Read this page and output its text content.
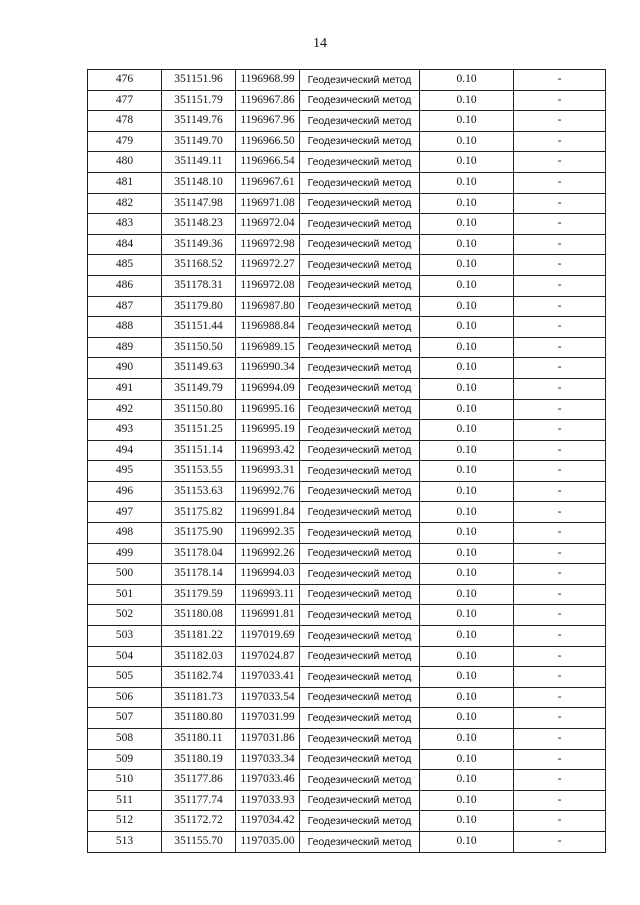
14
476	351151.96	1196968.99	Геодезический метод	0.10	-
477	351151.79	1196967.86	Геодезический метод	0.10	-
478	351149.76	1196967.96	Геодезический метод	0.10	-
479	351149.70	1196966.50	Геодезический метод	0.10	-
480	351149.11	1196966.54	Геодезический метод	0.10	-
481	351148.10	1196967.61	Геодезический метод	0.10	-
482	351147.98	1196971.08	Геодезический метод	0.10	-
483	351148.23	1196972.04	Геодезический метод	0.10	-
484	351149.36	1196972.98	Геодезический метод	0.10	-
485	351168.52	1196972.27	Геодезический метод	0.10	-
486	351178.31	1196972.08	Геодезический метод	0.10	-
487	351179.80	1196987.80	Геодезический метод	0.10	-
488	351151.44	1196988.84	Геодезический метод	0.10	-
489	351150.50	1196989.15	Геодезический метод	0.10	-
490	351149.63	1196990.34	Геодезический метод	0.10	-
491	351149.79	1196994.09	Геодезический метод	0.10	-
492	351150.80	1196995.16	Геодезический метод	0.10	-
493	351151.25	1196995.19	Геодезический метод	0.10	-
494	351151.14	1196993.42	Геодезический метод	0.10	-
495	351153.55	1196993.31	Геодезический метод	0.10	-
496	351153.63	1196992.76	Геодезический метод	0.10	-
497	351175.82	1196991.84	Геодезический метод	0.10	-
498	351175.90	1196992.35	Геодезический метод	0.10	-
499	351178.04	1196992.26	Геодезический метод	0.10	-
500	351178.14	1196994.03	Геодезический метод	0.10	-
501	351179.59	1196993.11	Геодезический метод	0.10	-
502	351180.08	1196991.81	Геодезический метод	0.10	-
503	351181.22	1197019.69	Геодезический метод	0.10	-
504	351182.03	1197024.87	Геодезический метод	0.10	-
505	351182.74	1197033.41	Геодезический метод	0.10	-
506	351181.73	1197033.54	Геодезический метод	0.10	-
507	351180.80	1197031.99	Геодезический метод	0.10	-
508	351180.11	1197031.86	Геодезический метод	0.10	-
509	351180.19	1197033.34	Геодезический метод	0.10	-
510	351177.86	1197033.46	Геодезический метод	0.10	-
511	351177.74	1197033.93	Геодезический метод	0.10	-
512	351172.72	1197034.42	Геодезический метод	0.10	-
513	351155.70	1197035.00	Геодезический метод	0.10	-
